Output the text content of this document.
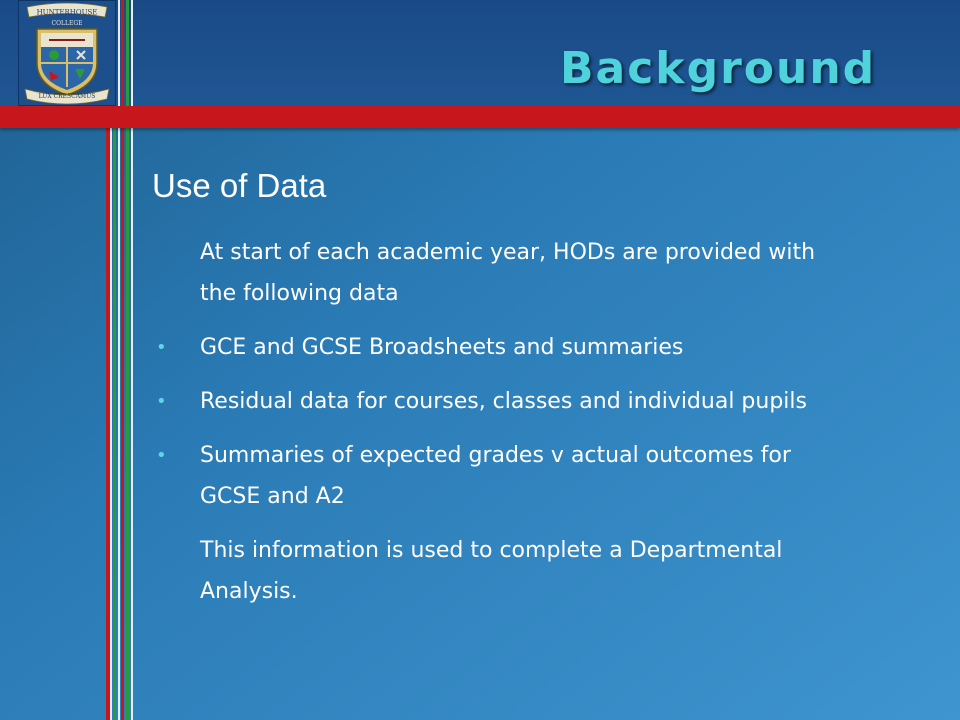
HUNTERHOUSE
COLLEGE
LUX CRESCAMUS
Background
Use of Data
At start of each academic year, HODs are provided with the following data
• GCE and GCSE Broadsheets and summaries
• Residual data for courses, classes and individual pupils
• Summaries of expected grades v actual outcomes for GCSE and A2
This information is used to complete a Departmental Analysis.
